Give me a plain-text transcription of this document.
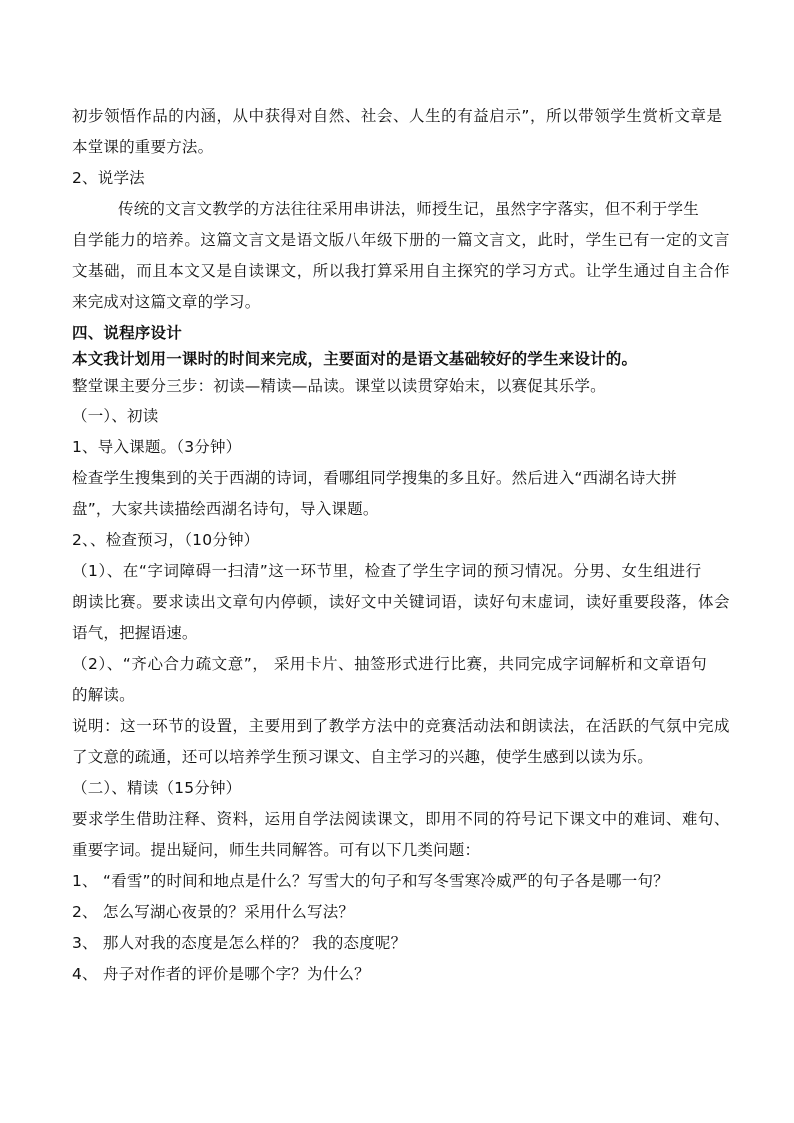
初步领悟作品的内涵，从中获得对自然、社会、人生的有益启示”，所以带领学生赏析文章是
本堂课的重要方法。
2、说学法
传统的文言文教学的方法往往采用串讲法，师授生记，虽然字字落实，但不利于学生
自学能力的培养。这篇文言文是语文版八年级下册的一篇文言文，此时，学生已有一定的文言
文基础，而且本文又是自读课文，所以我打算采用自主探究的学习方式。让学生通过自主合作
来完成对这篇文章的学习。
四、说程序设计
本文我计划用一课时的时间来完成，主要面对的是语文基础较好的学生来设计的。
整堂课主要分三步：初读—精读—品读。课堂以读贯穿始末，以赛促其乐学。
（一）、初读
1、导入课题。（3分钟）
检查学生搜集到的关于西湖的诗词，看哪组同学搜集的多且好。然后进入“西湖名诗大拼
盘”，大家共读描绘西湖名诗句，导入课题。
2、、检查预习，（10分钟）
（1）、在“字词障碍一扫清”这一环节里，检查了学生字词的预习情况。分男、女生组进行
朗读比赛。要求读出文章句内停顿，读好文中关键词语，读好句末虚词，读好重要段落，体会
语气，把握语速。
（2）、“齐心合力疏文意”， 采用卡片、抽签形式进行比赛，共同完成字词解析和文章语句
的解读。
说明：这一环节的设置，主要用到了教学方法中的竞赛活动法和朗读法，在活跃的气氛中完成
了文意的疏通，还可以培养学生预习课文、自主学习的兴趣，使学生感到以读为乐。
（二）、精读（15分钟）
要求学生借助注释、资料，运用自学法阅读课文，即用不同的符号记下课文中的难词、难句、
重要字词。提出疑问，师生共同解答。可有以下几类问题：
1、 “看雪”的时间和地点是什么？写雪大的句子和写冬雪寒冷威严的句子各是哪一句？
2、 怎么写湖心夜景的？采用什么写法？
3、 那人对我的态度是怎么样的？ 我的态度呢？
4、 舟子对作者的评价是哪个字？为什么？
